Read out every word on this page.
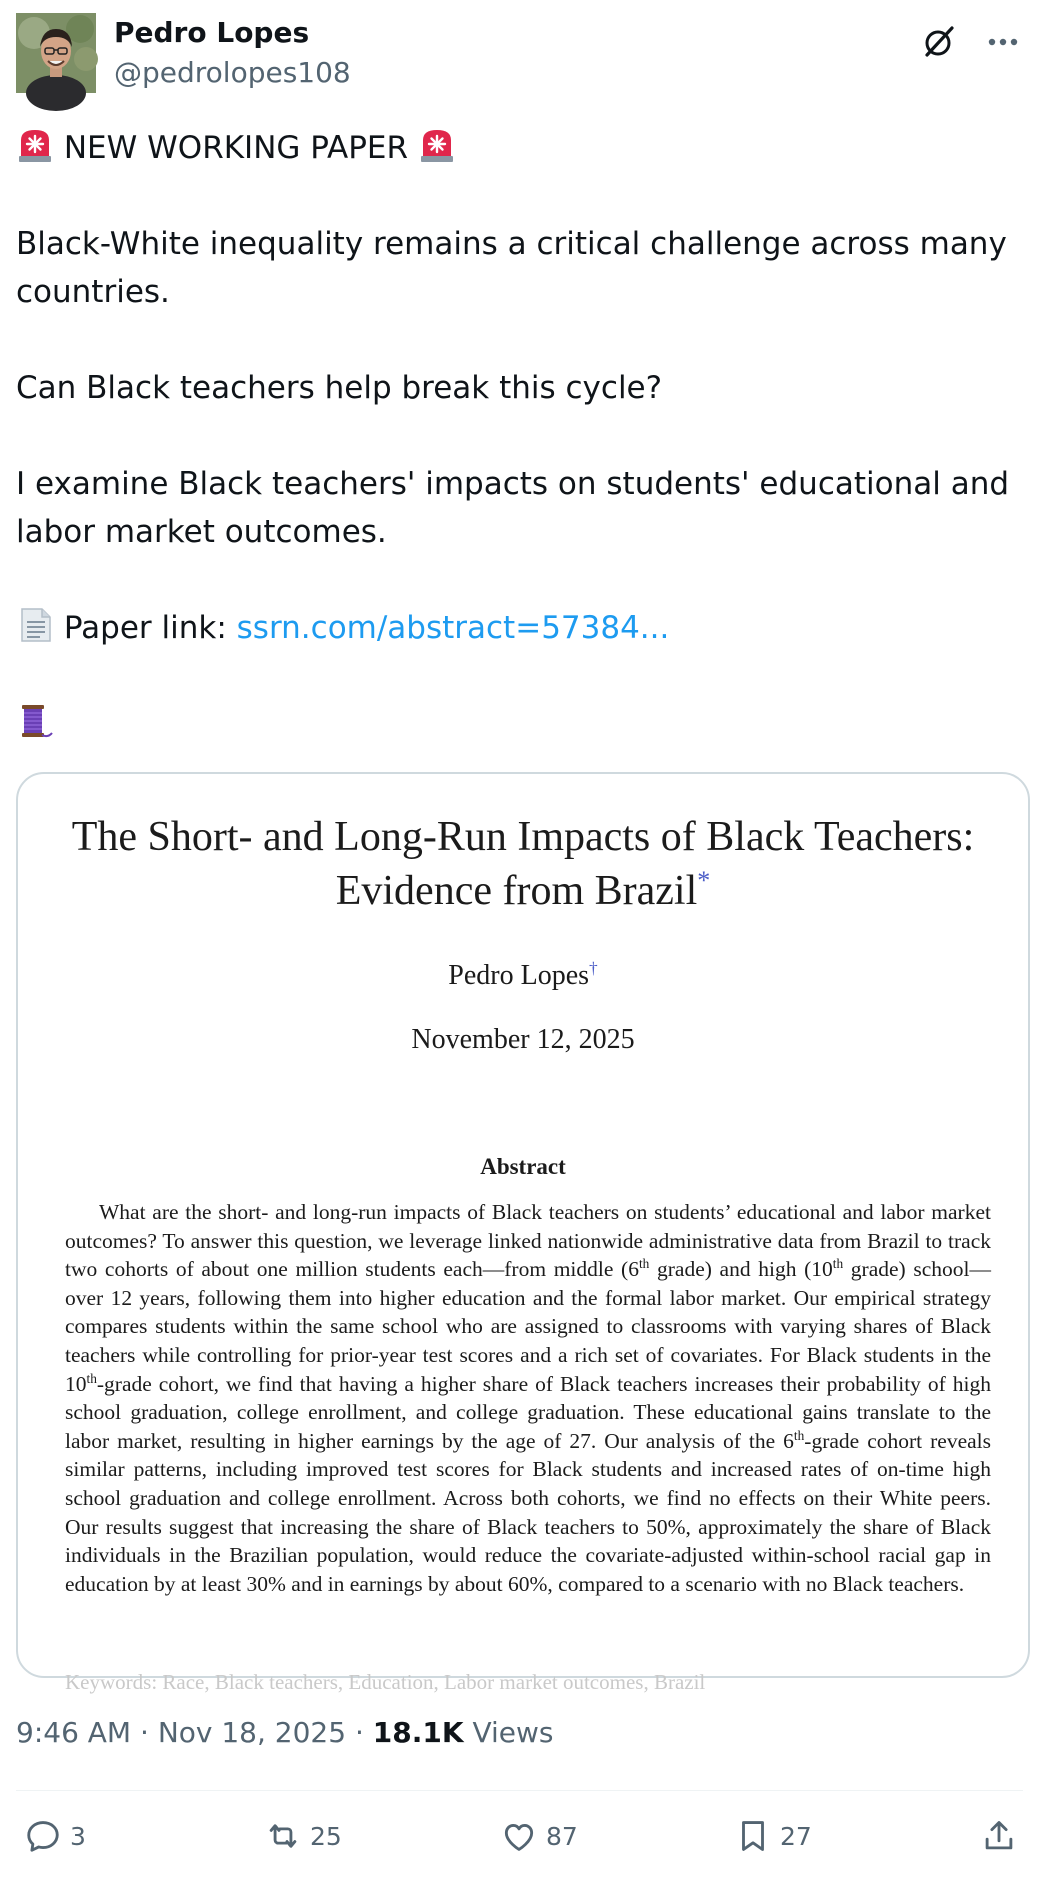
Pedro Lopes
@pedrolopes108
NEW WORKING PAPER
Black-White inequality remains a critical challenge across many
countries.
Can Black teachers help break this cycle?
I examine Black teachers' impacts on students' educational and
labor market outcomes.
Paper link: ssrn.com/abstract=57384...
The Short- and Long-Run Impacts of Black Teachers:
Evidence from Brazil*
Pedro Lopes†
November 12, 2025
Abstract
What are the short- and long-run impacts of Black teachers on students’ educational and labor market outcomes? To answer this question, we leverage linked nationwide administrative data from Brazil to track two cohorts of about one million students each—from middle (6th grade) and high (10th grade) school—over 12 years, following them into higher education and the formal labor market. Our empirical strategy compares students within the same school who are assigned to classrooms with varying shares of Black teachers while controlling for prior-year test scores and a rich set of covariates. For Black students in the 10th-grade cohort, we find that having a higher share of Black teachers increases their probability of high school graduation, college enrollment, and college graduation. These educational gains translate to the labor market, resulting in higher earnings by the age of 27. Our analysis of the 6th-grade cohort reveals similar patterns, including improved test scores for Black students and increased rates of on-time high school graduation and college enrollment. Across both cohorts, we find no effects on their White peers. Our results suggest that increasing the share of Black teachers to 50%, approximately the share of Black individuals in the Brazilian population, would reduce the covariate-adjusted within-school racial gap in education by at least 30% and in earnings by about 60%, compared to a scenario with no Black teachers.
Keywords: Race, Black teachers, Education, Labor market outcomes, Brazil
9:46 AM · Nov 18, 2025 · 18.1K Views
3	25	87	27
